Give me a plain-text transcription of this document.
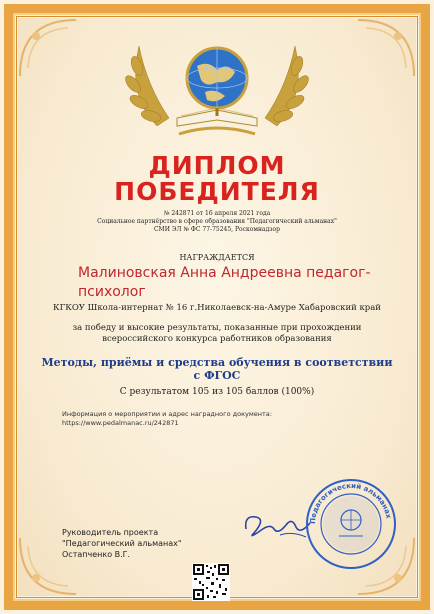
ДИПЛОМ
ПОБЕДИТЕЛЯ
№ 242871 от 16 апреля 2021 года
Социальное партнёрство в сфере образования "Педагогический альманах"
СМИ ЭЛ № ФС 77-75245, Роскомнадзор
НАГРАЖДАЕТСЯ
Малиновская Анна Андреевна педагог-
психолог
КГКОУ Школа-интернат № 16 г.Николаевск-на-Амуре Хабаровский край
за победу и высокие результаты, показанные при прохождении
всероссийского конкурса работников образования
Методы, приёмы и средства обучения в соответствии
с ФГОС
С результатом 105 из 105 баллов (100%)
Информация о мероприятии и адрес наградного документа:
https://www.pedalmanac.ru/242871
Руководитель проекта
"Педагогический альманах"
Остапченко В.Г.
Педагогический альманах
